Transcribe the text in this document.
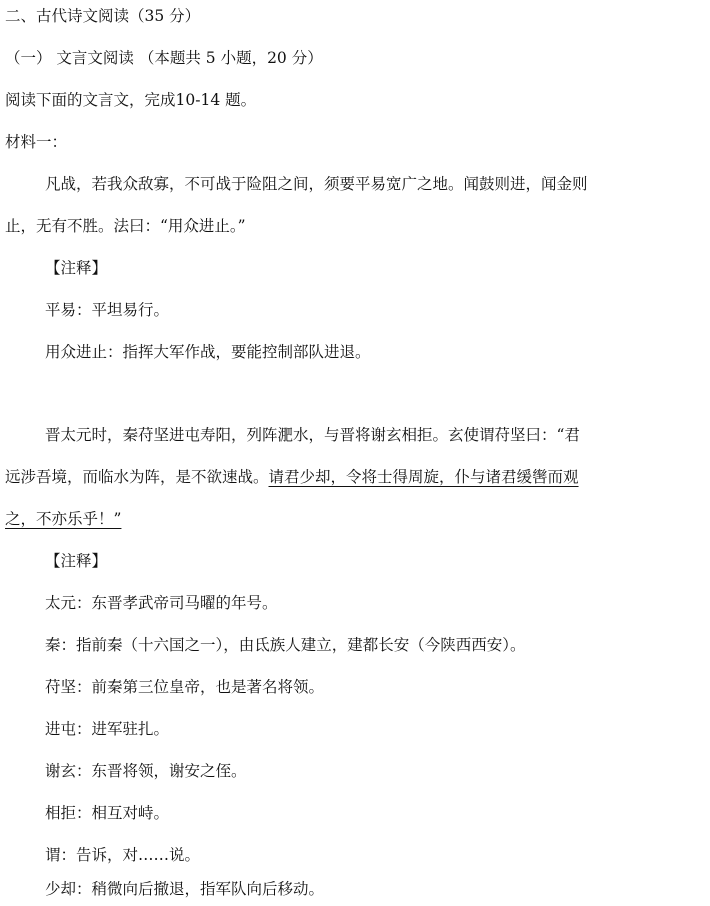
二、古代诗文阅读（35 分）
（一） 文言文阅读 （本题共 5 小题，20 分）
阅读下面的文言文，完成10-14 题。
材料一：
凡战，若我众敌寡，不可战于险阻之间，须要平易宽广之地。闻鼓则进，闻金则
止，无有不胜。法曰：“用众进止。”
【注释】
平易：平坦易行。
用众进止：指挥大军作战，要能控制部队进退。
晋太元时，秦苻坚进屯寿阳，列阵淝水，与晋将谢玄相拒。玄使谓苻坚曰：“君
远涉吾境，而临水为阵，是不欲速战。请君少却，令将士得周旋，仆与诸君缓辔而观
之，不亦乐乎！”
【注释】
太元：东晋孝武帝司马曜的年号。
秦：指前秦（十六国之一），由氐族人建立，建都长安（今陕西西安）。
苻坚：前秦第三位皇帝，也是著名将领。
进屯：进军驻扎。
谢玄：东晋将领，谢安之侄。
相拒：相互对峙。
谓：告诉，对……说。
少却：稍微向后撤退，指军队向后移动。
